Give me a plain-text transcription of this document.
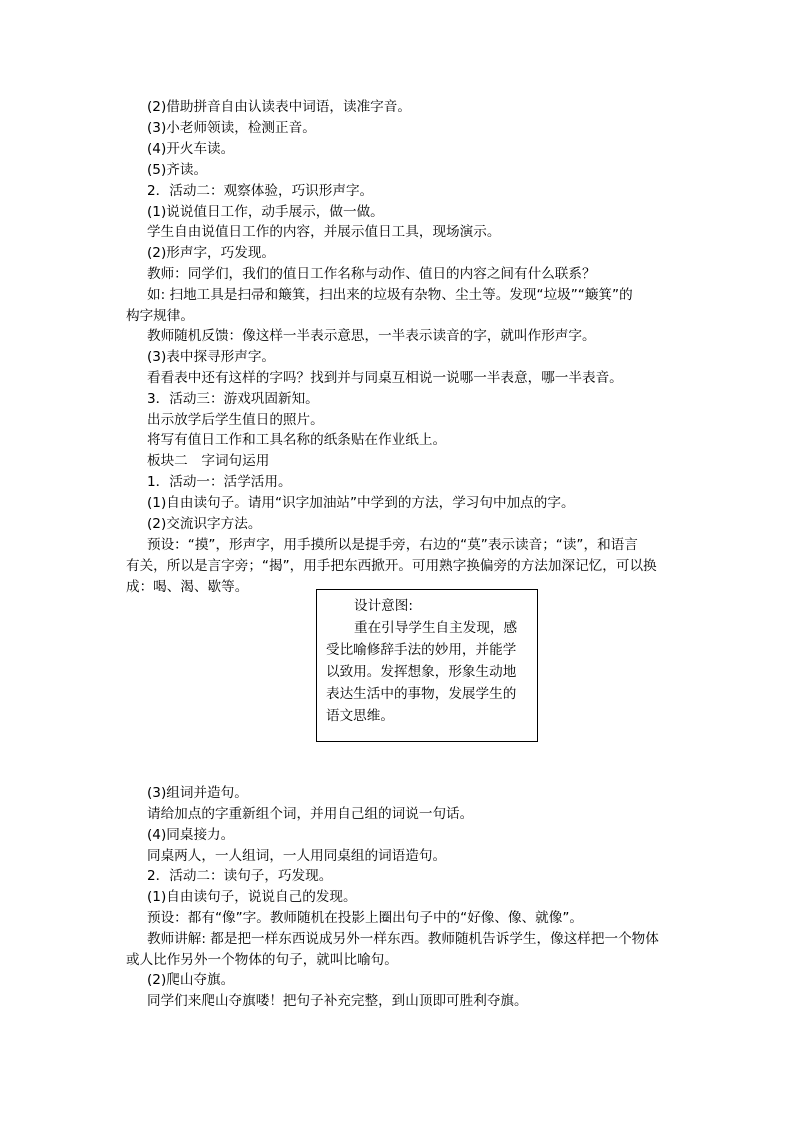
(2)借助拼音自由认读表中词语，读准字音。
(3)小老师领读，检测正音。
(4)开火车读。
(5)齐读。
2．活动二：观察体验，巧识形声字。
(1)说说值日工作，动手展示，做一做。
学生自由说值日工作的内容，并展示值日工具，现场演示。
(2)形声字，巧发现。
教师：同学们，我们的值日工作名称与动作、值日的内容之间有什么联系？
如: 扫地工具是扫帚和簸箕，扫出来的垃圾有杂物、尘土等。发现“垃圾”“簸箕”的
构字规律。
教师随机反馈：像这样一半表示意思，一半表示读音的字，就叫作形声字。
(3)表中探寻形声字。
看看表中还有这样的字吗？找到并与同桌互相说一说哪一半表意，哪一半表音。
3．活动三：游戏巩固新知。
出示放学后学生值日的照片。
将写有值日工作和工具名称的纸条贴在作业纸上。
板块二　字词句运用
1．活动一：活学活用。
(1)自由读句子。请用“识字加油站”中学到的方法，学习句中加点的字。
(2)交流识字方法。
预设：“摸”，形声字，用手摸所以是提手旁，右边的“莫”表示读音；“读”，和语言
有关，所以是言字旁；“揭”，用手把东西掀开。可用熟字换偏旁的方法加深记忆，可以换
成：喝、渴、歇等。
设计意图:
重在引导学生自主发现，感
受比喻修辞手法的妙用，并能学
以致用。发挥想象，形象生动地
表达生活中的事物，发展学生的
语文思维。
(3)组词并造句。
请给加点的字重新组个词，并用自己组的词说一句话。
(4)同桌接力。
同桌两人，一人组词，一人用同桌组的词语造句。
2．活动二：读句子，巧发现。
(1)自由读句子，说说自己的发现。
预设：都有“像”字。教师随机在投影上圈出句子中的“好像、像、就像”。
教师讲解: 都是把一样东西说成另外一样东西。教师随机告诉学生，像这样把一个物体
或人比作另外一个物体的句子，就叫比喻句。
(2)爬山夺旗。
同学们来爬山夺旗喽！把句子补充完整，到山顶即可胜利夺旗。
